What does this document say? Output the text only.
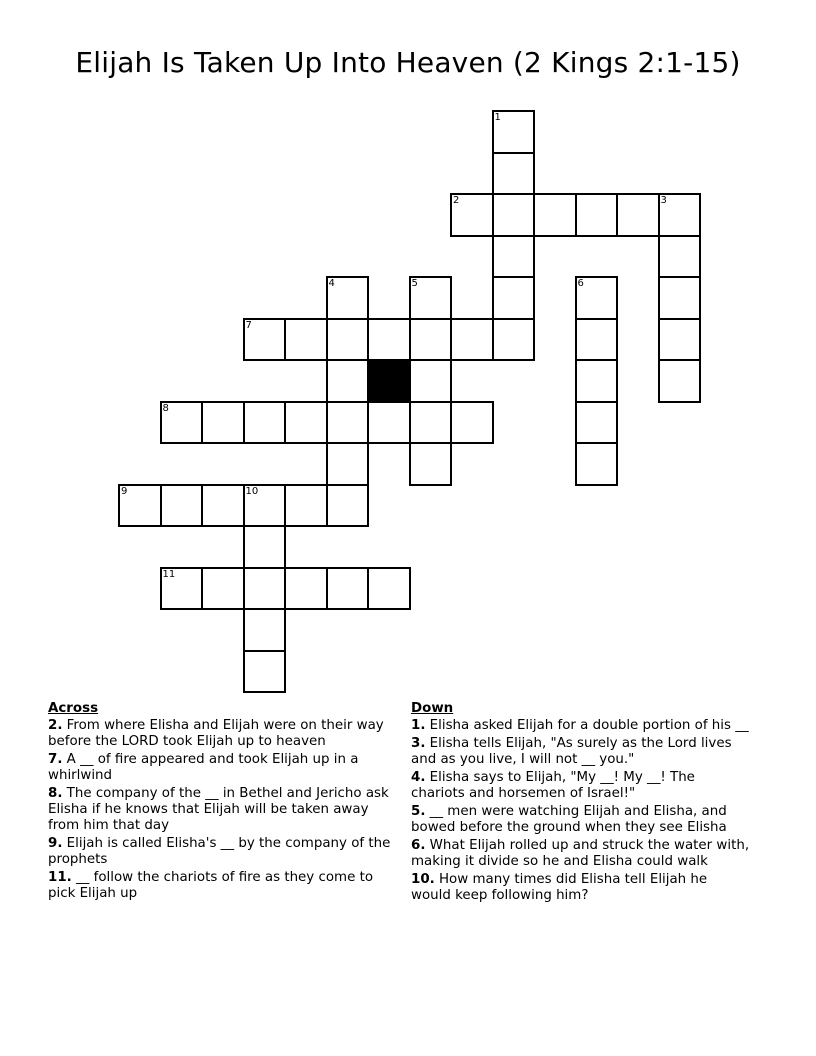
Elijah Is Taken Up Into Heaven (2 Kings 2:1-15)
1
2	3
4	5	6
7
8
9	10
11
Across
2. From where Elisha and Elijah were on their way before the LORD took Elijah up to heaven
7. A __ of fire appeared and took Elijah up in a whirlwind
8. The company of the __ in Bethel and Jericho ask Elisha if he knows that Elijah will be taken away from him that day
9. Elijah is called Elisha's __ by the company of the prophets
11. __ follow the chariots of fire as they come to pick Elijah up
Down
1. Elisha asked Elijah for a double portion of his __
3. Elisha tells Elijah, "As surely as the Lord lives and as you live, I will not __ you."
4. Elisha says to Elijah, "My __! My __! The chariots and horsemen of Israel!"
5. __ men were watching Elijah and Elisha, and bowed before the ground when they see Elisha
6. What Elijah rolled up and struck the water with, making it divide so he and Elisha could walk
10. How many times did Elisha tell Elijah he would keep following him?
